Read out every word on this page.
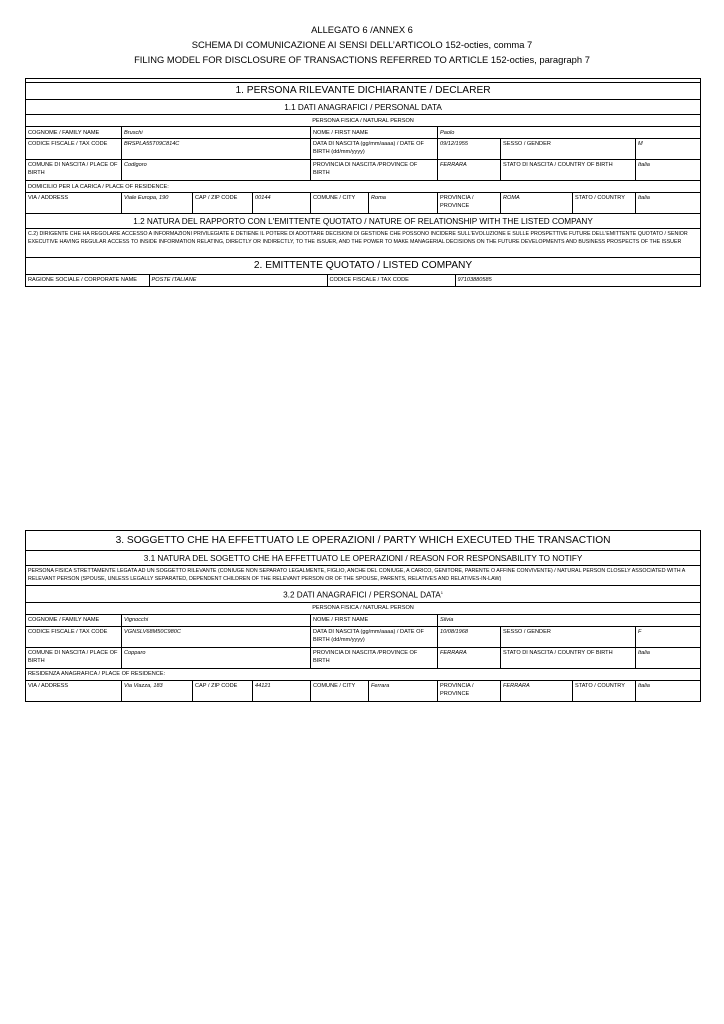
ALLEGATO 6 /ANNEX 6
SCHEMA DI COMUNICAZIONE AI SENSI DELL’ARTICOLO 152-octies, comma 7
FILING MODEL FOR DISCLOSURE OF TRANSACTIONS REFERRED TO ARTICLE 152-octies, paragraph 7

1. PERSONA RILEVANTE DICHIARANTE / DECLARER
1.1 DATI ANAGRAFICI / PERSONAL DATA
PERSONA FISICA / NATURAL PERSON
COGNOME / FAMILY NAME	Bruschi	NOME / FIRST NAME	Paolo
CODICE FISCALE / TAX CODE	BRSPLA55T09C814C	DATA DI NASCITA (gg/mm/aaaa) / DATE OF BIRTH (dd/mm/yyyy)	09/12/1955	SESSO / GENDER	M
COMUNE DI NASCITA / PLACE OF BIRTH	Codigoro	PROVINCIA DI NASCITA /PROVINCE OF BIRTH	FERRARA	STATO DI NASCITA / COUNTRY OF BIRTH	Italia
DOMICILIO PER LA CARICA / PLACE OF RESIDENCE:
VIA / ADDRESS	Viale Europa, 190	CAP / ZIP CODE	00144	COMUNE / CITY	Roma	PROVINCIA / PROVINCE	ROMA	STATO / COUNTRY	Italia
1.2 NATURA DEL RAPPORTO CON L'EMITTENTE QUOTATO / NATURE OF RELATIONSHIP WITH THE LISTED COMPANY
C.2) DIRIGENTE CHE HA REGOLARE ACCESSO A INFORMAZIONI PRIVILEGIATE E DETIENE IL POTERE DI ADOTTARE DECISIONI DI GESTIONE CHE POSSONO INCIDERE SULL'EVOLUZIONE E SULLE PROSPETTIVE FUTURE DELL'EMITTENTE QUOTATO / SENIOR EXECUTIVE HAVING REGULAR ACCESS TO INSIDE INFORMATION RELATING, DIRECTLY OR INDIRECTLY, TO THE ISSUER, AND THE POWER TO MAKE MANAGERIAL DECISIONS ON THE FUTURE DEVELOPMENTS AND BUSINESS PROSPECTS OF THE ISSUER
2. EMITTENTE QUOTATO / LISTED COMPANY

RAGIONE SOCIALE / CORPORATE NAME	POSTE ITALIANE	CODICE FISCALE / TAX CODE	97103880585
3. SOGGETTO CHE HA EFFETTUATO LE OPERAZIONI / PARTY WHICH EXECUTED THE TRANSACTION									
3.1 NATURA DEL SOGETTO CHE HA EFFETTUATO LE OPERAZIONI / REASON FOR RESPONSABILITY TO NOTIFY									
PERSONA FISICA STRETTAMENTE LEGATA AD UN SOGGETTO RILEVANTE (CONIUGE NON SEPARATO LEGALMENTE, FIGLIO, ANCHE DEL CONIUGE, A CARICO, GENITORE, PARENTE O AFFINE CONVIVENTE) / NATURAL PERSON CLOSELY ASSOCIATED WITH A RELEVANT PERSON (SPOUSE, UNLESS LEGALLY SEPARATED, DEPENDENT CHILDREN OF THE RELEVANT PERSON OR OF THE SPOUSE, PARENTS, RELATIVES AND RELATIVES-IN-LAW)									
3.2 DATI ANAGRAFICI / PERSONAL DATA$^1$
PERSONA FISICA / NATURAL PERSON									
COGNOME / FAMILY NAME	Vignocchi			NOME / FIRST NAME		Silvia			
CODICE FISCALE / TAX CODE	VGNSLV68M50C980C			DATA DI NASCITA (gg/mm/aaaa) / DATE OF BIRTH (dd/mm/yyyy)		10/08/1968	SESSO / GENDER		F
COMUNE DI NASCITA / PLACE OF BIRTH	Copparo			PROVINCIA DI NASCITA /PROVINCE OF BIRTH		FERRARA	STATO DI NASCITA / COUNTRY OF BIRTH		Italia
RESIDENZA ANAGRAFICA / PLACE OF RESIDENCE:									
VIA / ADDRESS	Via Viazza, 183	CAP / ZIP CODE	44121	COMUNE / CITY	Ferrara	PROVINCIA / PROVINCE	FERRARA	STATO / COUNTRY	Italia
